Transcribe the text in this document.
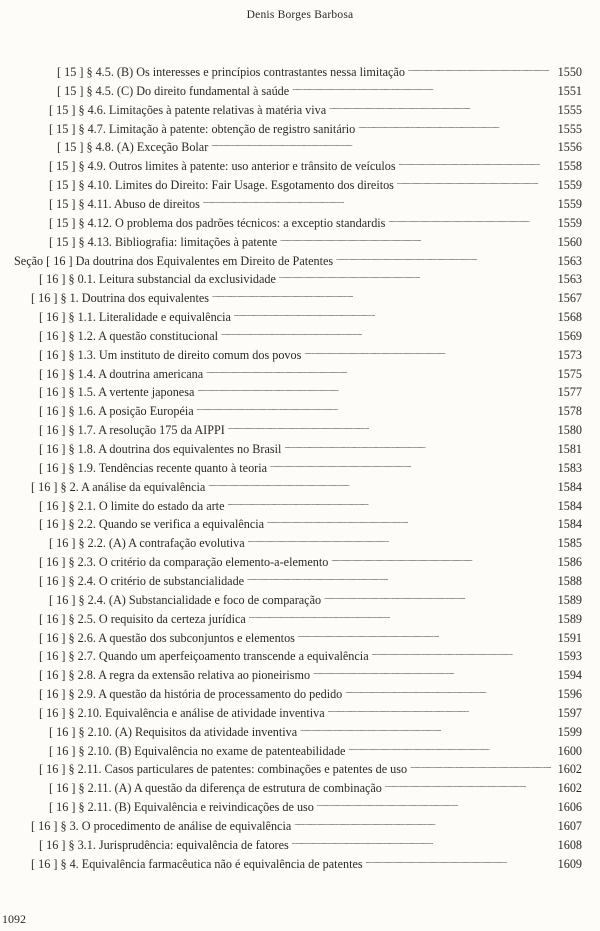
Denis Borges Barbosa
[ 15 ] § 4.5. (B) Os interesses e princípios contrastantes nessa limitação . . .	1550
[ 15 ] § 4.5. (C) Do direito fundamental à saúde . . .	1551
[ 15 ] § 4.6. Limitações à patente relativas à matéria viva . . .	1555
[ 15 ] § 4.7. Limitação à patente: obtenção de registro sanitário . . .	1555
[ 15 ] § 4.8. (A) Exceção Bolar . . .	1556
[ 15 ] § 4.9. Outros limites à patente: uso anterior e trânsito de veículos . . .	1558
[ 15 ] § 4.10. Limites do Direito: Fair Usage. Esgotamento dos direitos . . .	1559
[ 15 ] § 4.11. Abuso de direitos . . .	1559
[ 15 ] § 4.12. O problema dos padrões técnicos: a exceptio standardis . . .	1559
[ 15 ] § 4.13. Bibliografia: limitações à patente . . .	1560
Seção [ 16 ] Da doutrina dos Equivalentes em Direito de Patentes . . .	1563
[ 16 ] § 0.1. Leitura substancial da exclusividade . . .	1563
[ 16 ] § 1. Doutrina dos equivalentes . . .	1567
[ 16 ] § 1.1. Literalidade e equivalência . . .	1568
[ 16 ] § 1.2. A questão constitucional . . .	1569
[ 16 ] § 1.3. Um instituto de direito comum dos povos . . .	1573
[ 16 ] § 1.4. A doutrina americana . . .	1575
[ 16 ] § 1.5. A vertente japonesa . . .	1577
[ 16 ] § 1.6. A posição Européia . . .	1578
[ 16 ] § 1.7. A resolução 175 da AIPPI . . .	1580
[ 16 ] § 1.8. A doutrina dos equivalentes no Brasil . . .	1581
[ 16 ] § 1.9. Tendências recente quanto à teoria . . .	1583
[ 16 ] § 2. A análise da equivalência . . .	1584
[ 16 ] § 2.1. O limite do estado da arte . . .	1584
[ 16 ] § 2.2. Quando se verifica a equivalência . . .	1584
[ 16 ] § 2.2. (A) A contrafação evolutiva . . .	1585
[ 16 ] § 2.3. O critério da comparação elemento-a-elemento . . .	1586
[ 16 ] § 2.4. O critério de substancialidade . . .	1588
[ 16 ] § 2.4. (A) Substancialidade e foco de comparação . . .	1589
[ 16 ] § 2.5. O requisito da certeza jurídica . . .	1589
[ 16 ] § 2.6. A questão dos subconjuntos e elementos . . .	1591
[ 16 ] § 2.7. Quando um aperfeiçoamento transcende a equivalência . . .	1593
[ 16 ] § 2.8. A regra da extensão relativa ao pioneirismo . . .	1594
[ 16 ] § 2.9. A questão da história de processamento do pedido . . .	1596
[ 16 ] § 2.10. Equivalência e análise de atividade inventiva . . .	1597
[ 16 ] § 2.10. (A) Requisitos da atividade inventiva . . .	1599
[ 16 ] § 2.10. (B) Equivalência no exame de patenteabilidade . . .	1600
[ 16 ] § 2.11. Casos particulares de patentes: combinações e patentes de uso . . .	1602
[ 16 ] § 2.11. (A) A questão da diferença de estrutura de combinação . . .	1602
[ 16 ] § 2.11. (B) Equivalência e reivindicações de uso . . .	1606
[ 16 ] § 3. O procedimento de análise de equivalência . . .	1607
[ 16 ] § 3.1. Jurisprudência: equivalência de fatores . . .	1608
[ 16 ] § 4. Equivalência farmacêutica não é equivalência de patentes . . .	1609
1092
